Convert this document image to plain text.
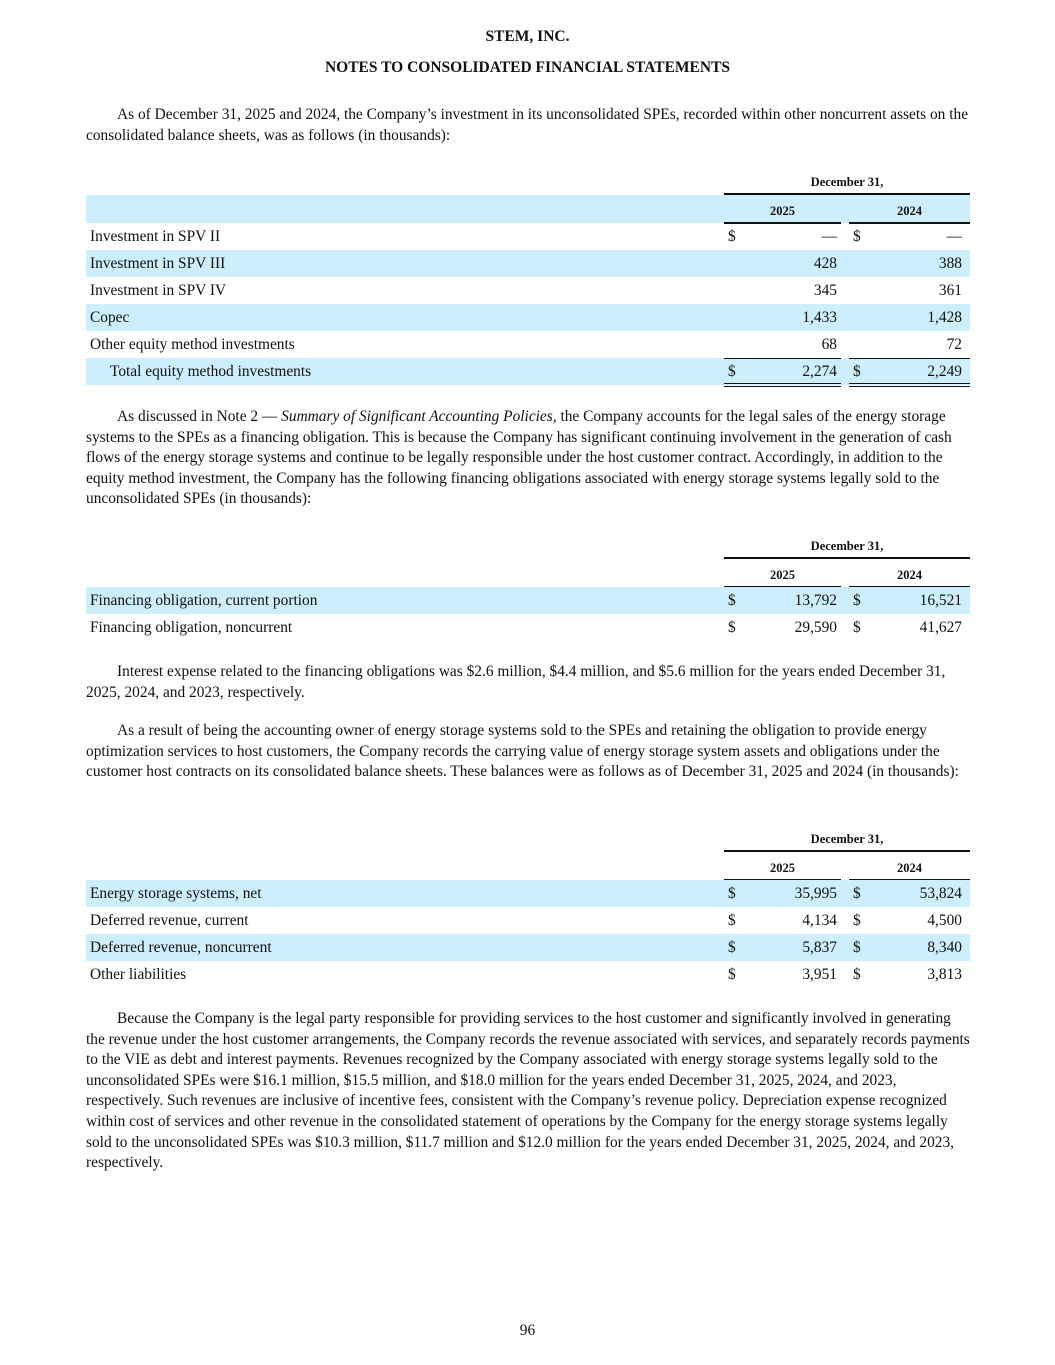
STEM, INC.
NOTES TO CONSOLIDATED FINANCIAL STATEMENTS

As of December 31, 2025 and 2024, the Company’s investment in its unconsolidated SPEs, recorded within other noncurrent assets on the consolidated balance sheets, was as follows (in thousands):

December 31,
2025	2024
Investment in SPV II	$	— $	—
Investment in SPV III	428	388
Investment in SPV IV	345	361
Copec	1,433	1,428
Other equity method investments	68	72
Total equity method investments	$	2,274 $	2,249

As discussed in Note 2 — Summary of Significant Accounting Policies, the Company accounts for the legal sales of the energy storage systems to the SPEs as a financing obligation. This is because the Company has significant continuing involvement in the generation of cash flows of the energy storage systems and continue to be legally responsible under the host customer contract. Accordingly, in addition to the equity method investment, the Company has the following financing obligations associated with energy storage systems legally sold to the unconsolidated SPEs (in thousands):

December 31,
2025	2024
Financing obligation, current portion	$	13,792 $	16,521
Financing obligation, noncurrent	$	29,590 $	41,627

Interest expense related to the financing obligations was $2.6 million, $4.4 million, and $5.6 million for the years ended December 31, 2025, 2024, and 2023, respectively.

As a result of being the accounting owner of energy storage systems sold to the SPEs and retaining the obligation to provide energy optimization services to host customers, the Company records the carrying value of energy storage system assets and obligations under the customer host contracts on its consolidated balance sheets. These balances were as follows as of December 31, 2025 and 2024 (in thousands):

December 31,
2025	2024
Energy storage systems, net	$	35,995 $	53,824
Deferred revenue, current	$	4,134 $	4,500
Deferred revenue, noncurrent	$	5,837 $	8,340
Other liabilities	$	3,951 $	3,813

Because the Company is the legal party responsible for providing services to the host customer and significantly involved in generating the revenue under the host customer arrangements, the Company records the revenue associated with services, and separately records payments to the VIE as debt and interest payments. Revenues recognized by the Company associated with energy storage systems legally sold to the unconsolidated SPEs were $16.1 million, $15.5 million, and $18.0 million for the years ended December 31, 2025, 2024, and 2023, respectively. Such revenues are inclusive of incentive fees, consistent with the Company’s revenue policy. Depreciation expense recognized within cost of services and other revenue in the consolidated statement of operations by the Company for the energy storage systems legally sold to the unconsolidated SPEs was $10.3 million, $11.7 million and $12.0 million for the years ended December 31, 2025, 2024, and 2023, respectively.

96
